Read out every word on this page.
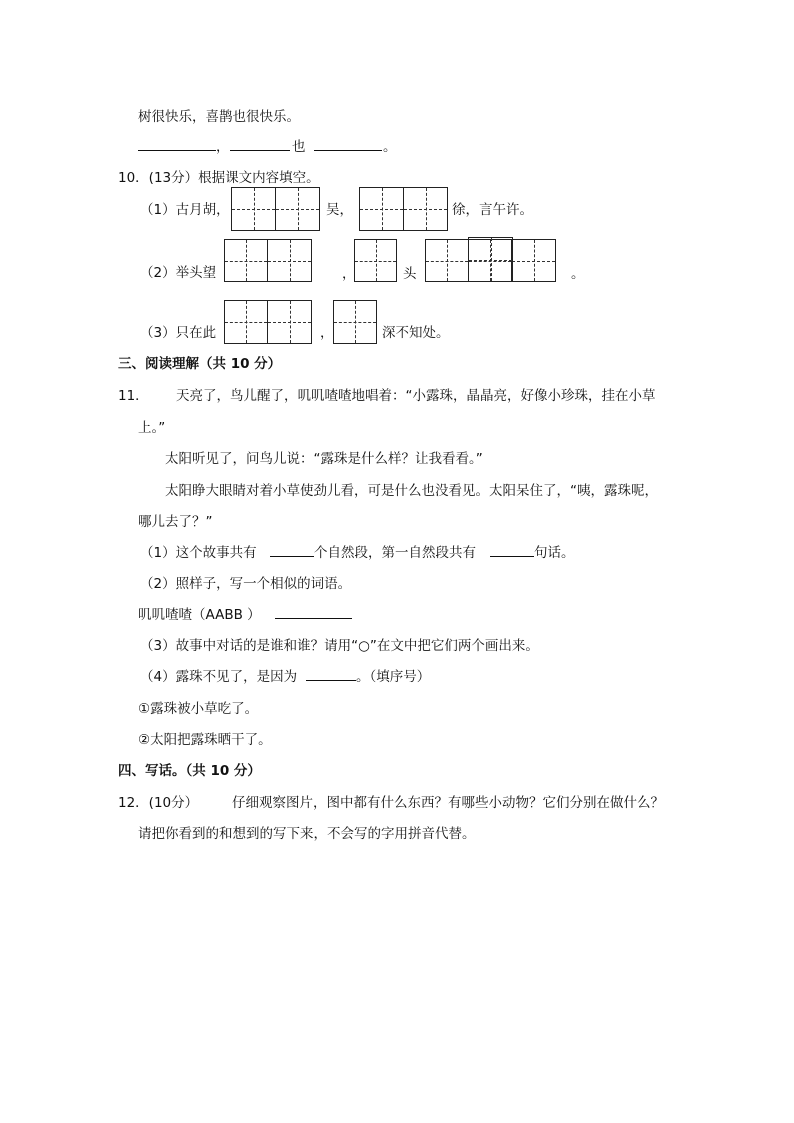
树很快乐，喜鹊也很快乐。
，	也	。
10．(13分）根据课文内容填空。
（1）古月胡，	吴，	徐，言午许。
（2）举头望	，	头	。
（3）只在此	，	深不知处。
三、阅读理解（共 10 分）
11． 天亮了，鸟儿醒了，叽叽喳喳地唱着：“小露珠，晶晶亮，好像小珍珠，挂在小草
上。”
太阳听见了，问鸟儿说：“露珠是什么样？让我看看。”
太阳睁大眼睛对着小草使劲儿看，可是什么也没看见。太阳呆住了，“咦，露珠呢，
哪儿去了？”
（1）这个故事共有	个自然段，第一自然段共有	句话。
（2）照样子，写一个相似的词语。
叽叽喳喳（AABB ）
（3）故事中对话的是谁和谁？请用“○”在文中把它们两个画出来。
（4）露珠不见了，是因为	。（填序号）
①露珠被小草吃了。
②太阳把露珠晒干了。
四、写话。（共 10 分）
12．(10分）	仔细观察图片，图中都有什么东西？有哪些小动物？它们分别在做什么？
请把你看到的和想到的写下来，不会写的字用拼音代替。
